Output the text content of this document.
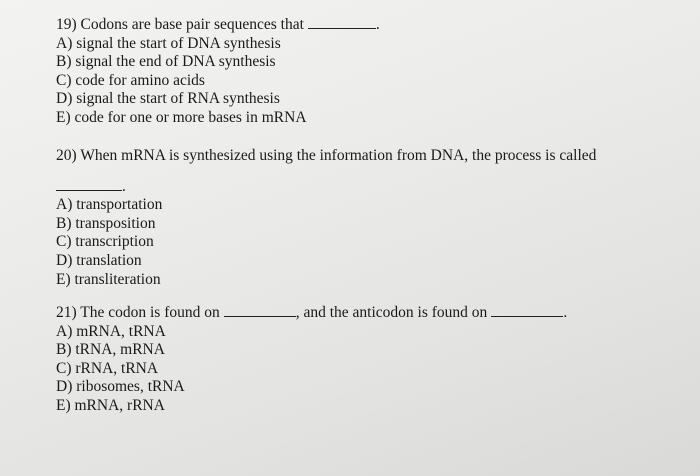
19) Codons are base pair sequences that	.
A) signal the start of DNA synthesis
B) signal the end of DNA synthesis
C) code for amino acids
D) signal the start of RNA synthesis
E) code for one or more bases in mRNA
20) When mRNA is synthesized using the information from DNA, the process is called
.
A) transportation
B) transposition
C) transcription
D) translation
E) transliteration
21) The codon is found on	, and the anticodon is found on	.
A) mRNA, tRNA
B) tRNA, mRNA
C) rRNA, tRNA
D) ribosomes, tRNA
E) mRNA, rRNA
